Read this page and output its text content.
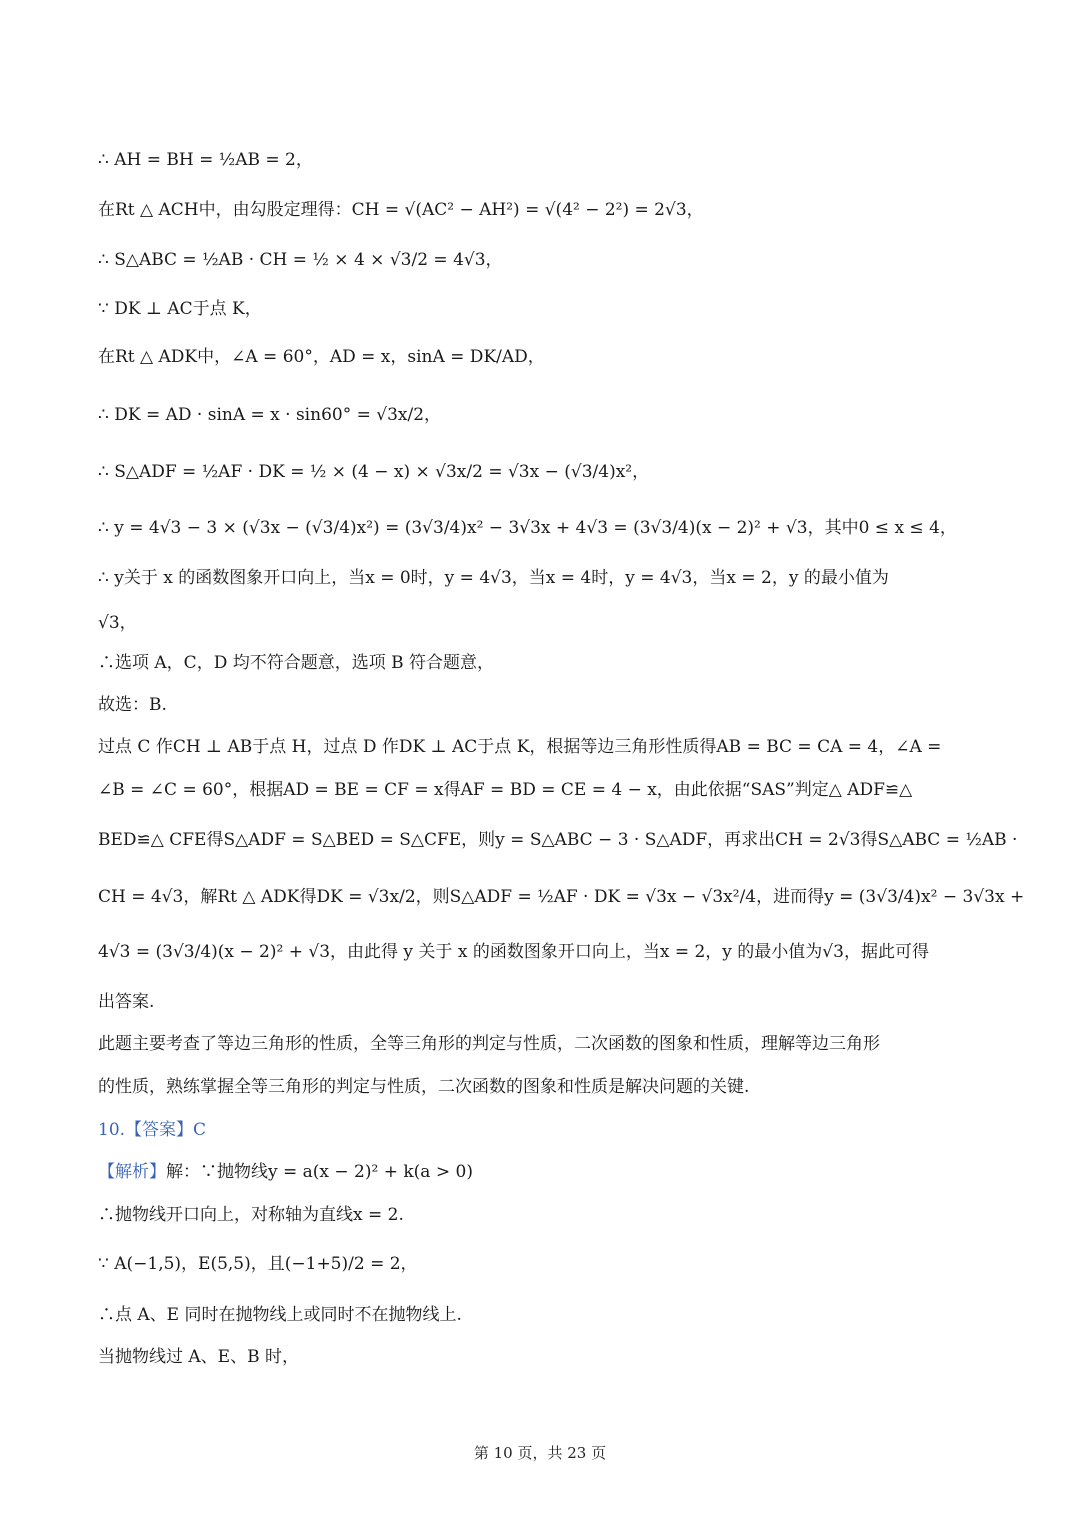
∴ AH = BH = ½AB = 2，
在Rt △ ACH中，由勾股定理得：CH = √(AC² − AH²) = √(4² − 2²) = 2√3，
∴ S△ABC = ½AB · CH = ½ × 4 × √3/2 = 4√3，
∵ DK ⊥ AC于点 K，
在Rt △ ADK中，∠A = 60°，AD = x，sinA = DK/AD，
∴ DK = AD · sinA = x · sin60° = √3x/2，
∴ S△ADF = ½AF · DK = ½ × (4 − x) × √3x/2 = √3x − (√3/4)x²，
∴ y = 4√3 − 3 × (√3x − (√3/4)x²) = (3√3/4)x² − 3√3x + 4√3 = (3√3/4)(x − 2)² + √3，其中0 ≤ x ≤ 4，
∴ y关于 x 的函数图象开口向上，当x = 0时，y = 4√3，当x = 4时，y = 4√3，当x = 2，y 的最小值为
√3，
∴选项 A，C，D 均不符合题意，选项 B 符合题意，
故选：B.
过点 C 作CH ⊥ AB于点 H，过点 D 作DK ⊥ AC于点 K，根据等边三角形性质得AB = BC = CA = 4，∠A =
∠B = ∠C = 60°，根据AD = BE = CF = x得AF = BD = CE = 4 − x，由此依据“SAS”判定△ ADF≌△
BED≌△ CFE得S△ADF = S△BED = S△CFE，则y = S△ABC − 3 · S△ADF，再求出CH = 2√3得S△ABC = ½AB ·
CH = 4√3，解Rt △ ADK得DK = √3x/2，则S△ADF = ½AF · DK = √3x − √3x²/4，进而得y = (3√3/4)x² − 3√3x +
4√3 = (3√3/4)(x − 2)² + √3，由此得 y 关于 x 的函数图象开口向上，当x = 2，y 的最小值为√3，据此可得
出答案.
此题主要考查了等边三角形的性质，全等三角形的判定与性质，二次函数的图象和性质，理解等边三角形
的性质，熟练掌握全等三角形的判定与性质，二次函数的图象和性质是解决问题的关键.
10.【答案】C
【解析】解：∵抛物线y = a(x − 2)² + k(a > 0)
∴抛物线开口向上，对称轴为直线x = 2.
∵ A(−1,5)，E(5,5)，且(−1+5)/2 = 2，
∴点 A、E 同时在抛物线上或同时不在抛物线上.
当抛物线过 A、E、B 时，
第 10 页，共 23 页
